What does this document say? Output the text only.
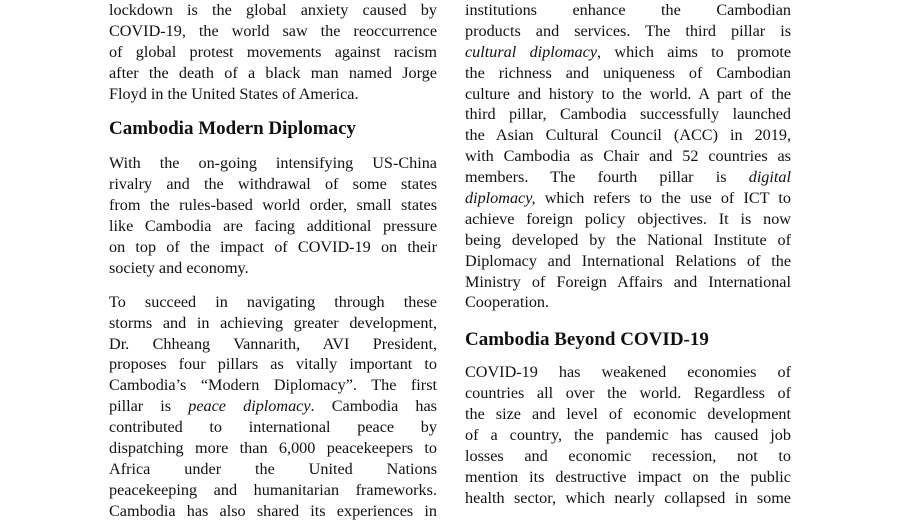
lockdown is the global anxiety caused by
COVID-19, the world saw the reoccurrence
of global protest movements against racism
after the death of a black man named Jorge
Floyd in the United States of America.

Cambodia Modern Diplomacy

With the on-going intensifying US-China
rivalry and the withdrawal of some states
from the rules-based world order, small states
like Cambodia are facing additional pressure
on top of the impact of COVID-19 on their
society and economy.

To succeed in navigating through these
storms and in achieving greater development,
Dr. Chheang Vannarith, AVI President,
proposes four pillars as vitally important to
Cambodia’s “Modern Diplomacy”. The first
pillar is peace diplomacy. Cambodia has
contributed to international peace by
dispatching more than 6,000 peacekeepers to
Africa under the United Nations
peacekeeping and humanitarian frameworks.
Cambodia has also shared its experiences in

institutions enhance the Cambodian
products and services. The third pillar is
cultural diplomacy, which aims to promote
the richness and uniqueness of Cambodian
culture and history to the world. A part of the
third pillar, Cambodia successfully launched
the Asian Cultural Council (ACC) in 2019,
with Cambodia as Chair and 52 countries as
members. The fourth pillar is digital
diplomacy, which refers to the use of ICT to
achieve foreign policy objectives. It is now
being developed by the National Institute of
Diplomacy and International Relations of the
Ministry of Foreign Affairs and International
Cooperation.

Cambodia Beyond COVID-19

COVID-19 has weakened economies of
countries all over the world. Regardless of
the size and level of economic development
of a country, the pandemic has caused job
losses and economic recession, not to
mention its destructive impact on the public
health sector, which nearly collapsed in some
